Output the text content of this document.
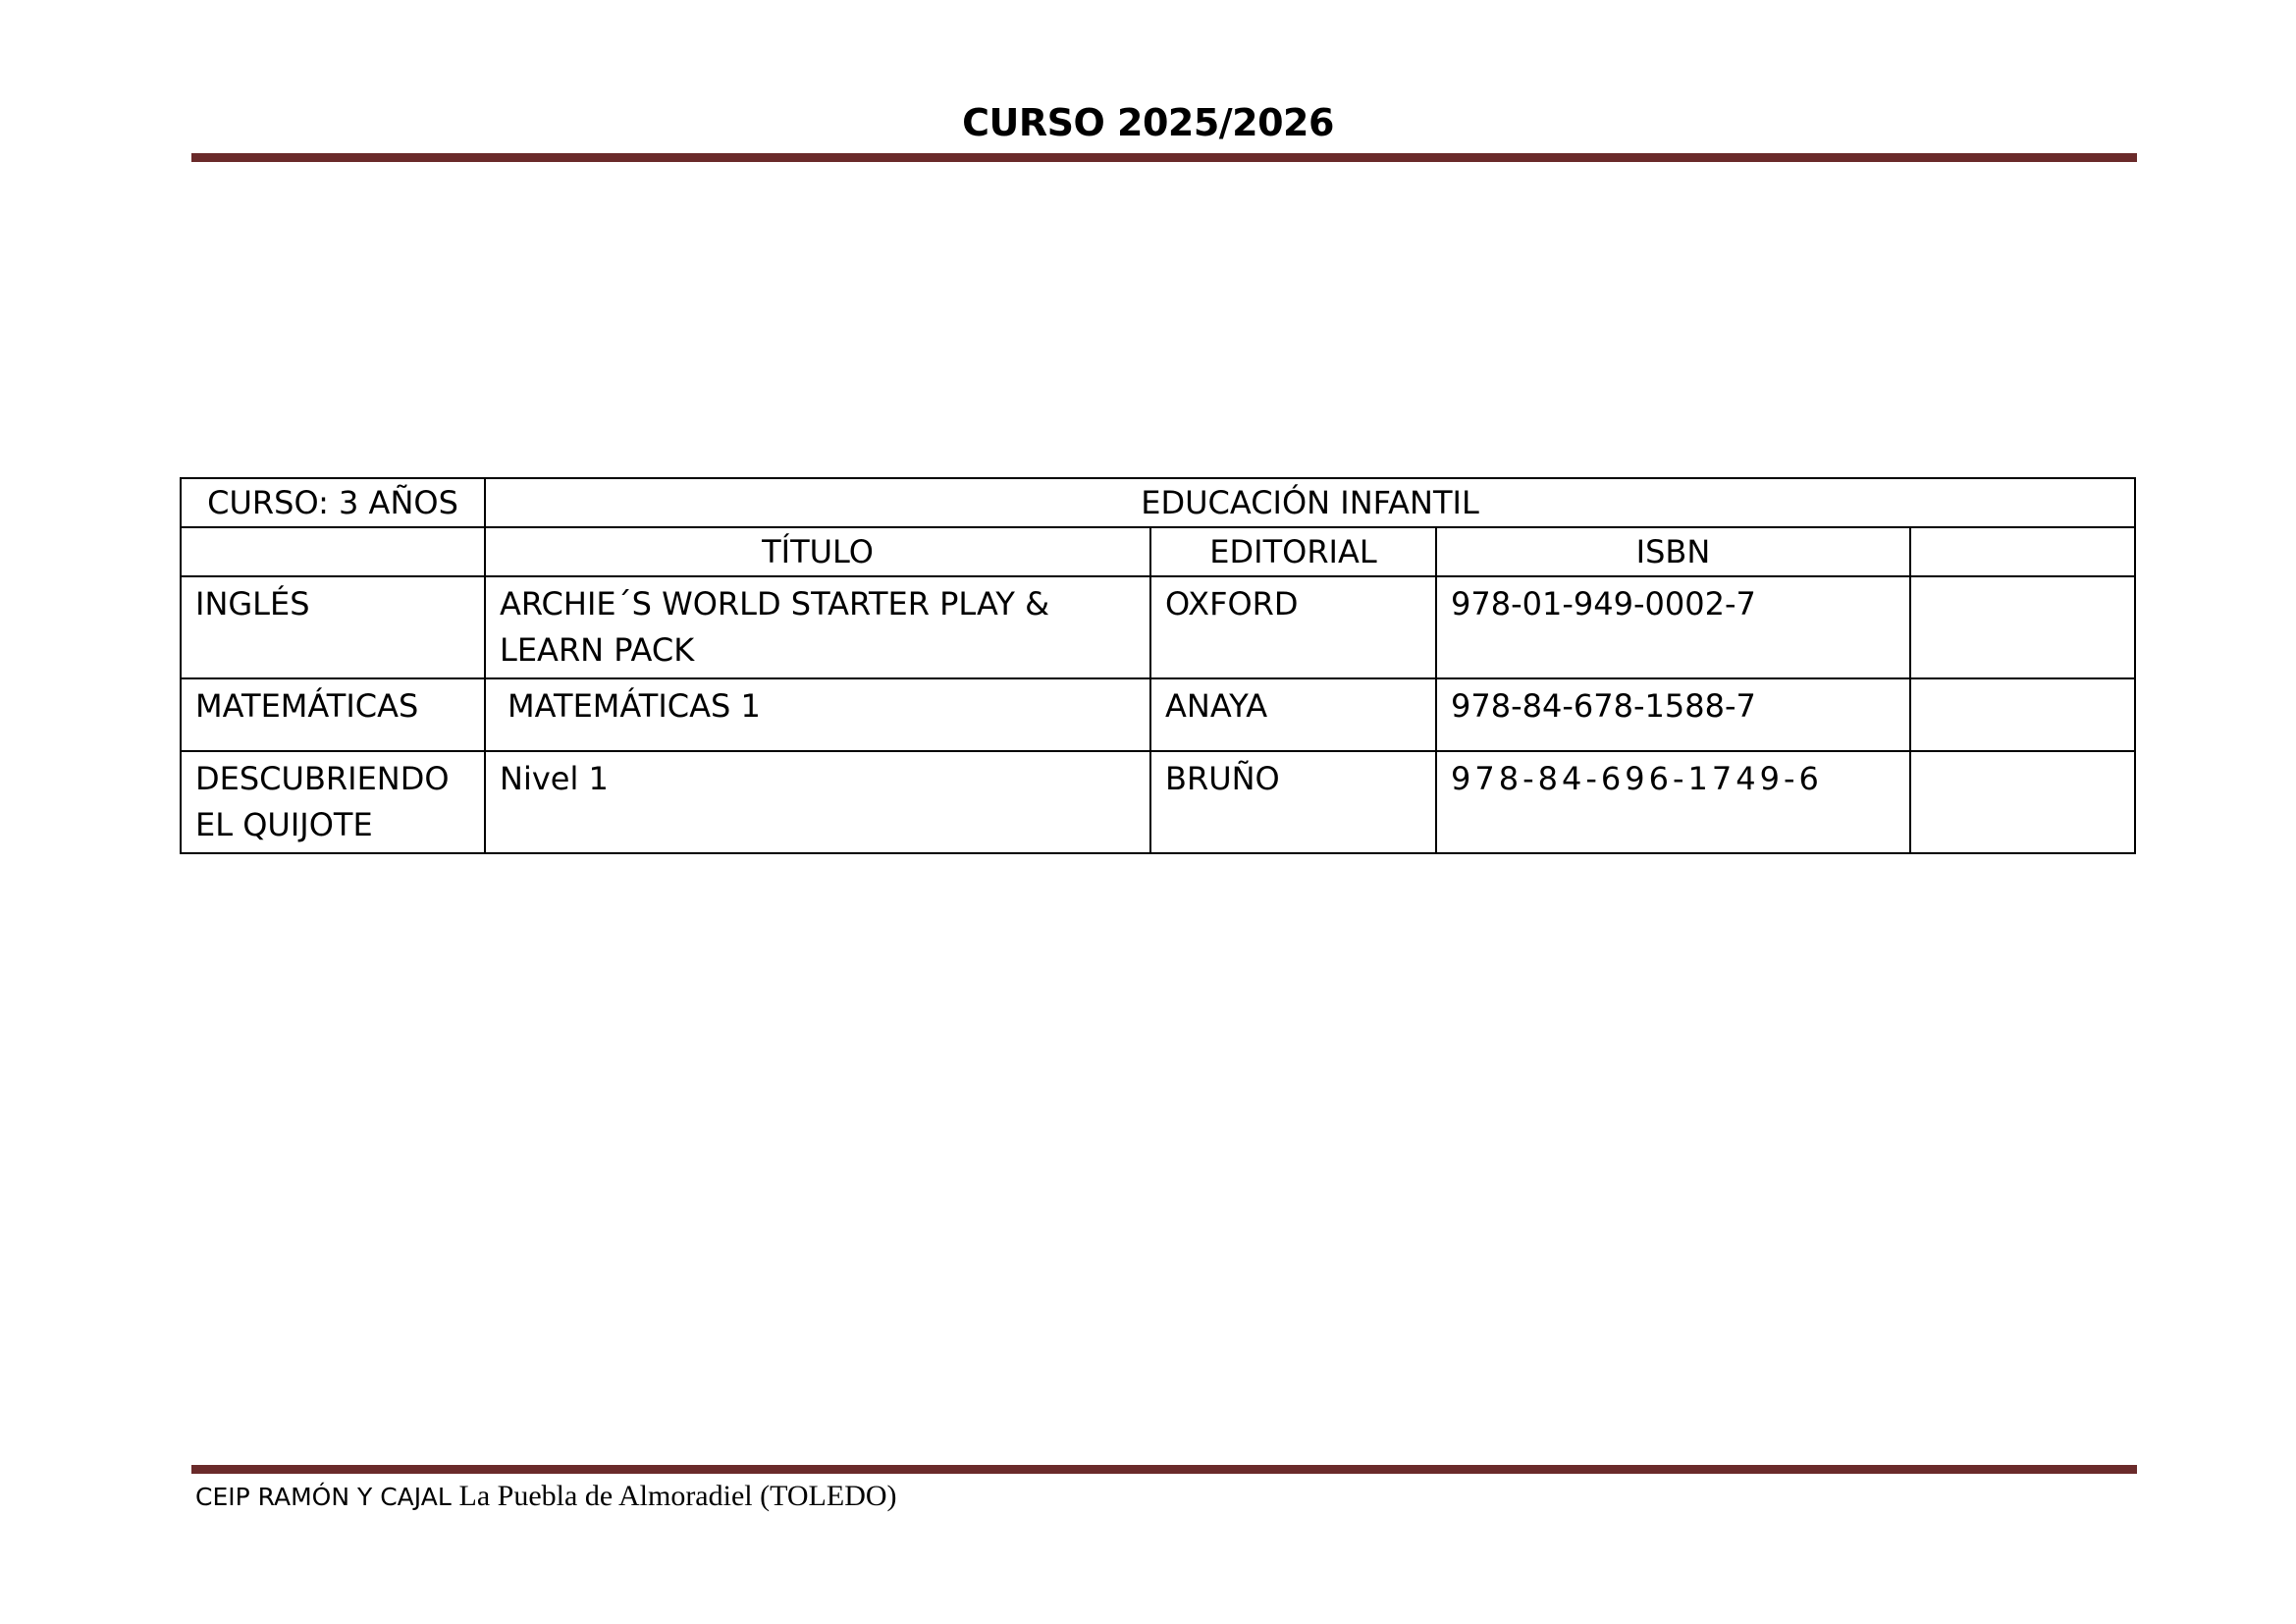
CURSO 2025/2026
CURSO: 3 AÑOS	EDUCACIÓN INFANTIL			
	TÍTULO	EDITORIAL	ISBN	
INGLÉS	ARCHIE´S WORLD STARTER PLAY & LEARN PACK	OXFORD	978-01-949-0002-7	
MATEMÁTICAS	MATEMÁTICAS 1	ANAYA	978-84-678-1588-7	
DESCUBRIENDO EL QUIJOTE	Nivel 1	BRUÑO	978-84-696-1749-6	
CEIP RAMÓN Y CAJAL La Puebla de Almoradiel (TOLEDO)
